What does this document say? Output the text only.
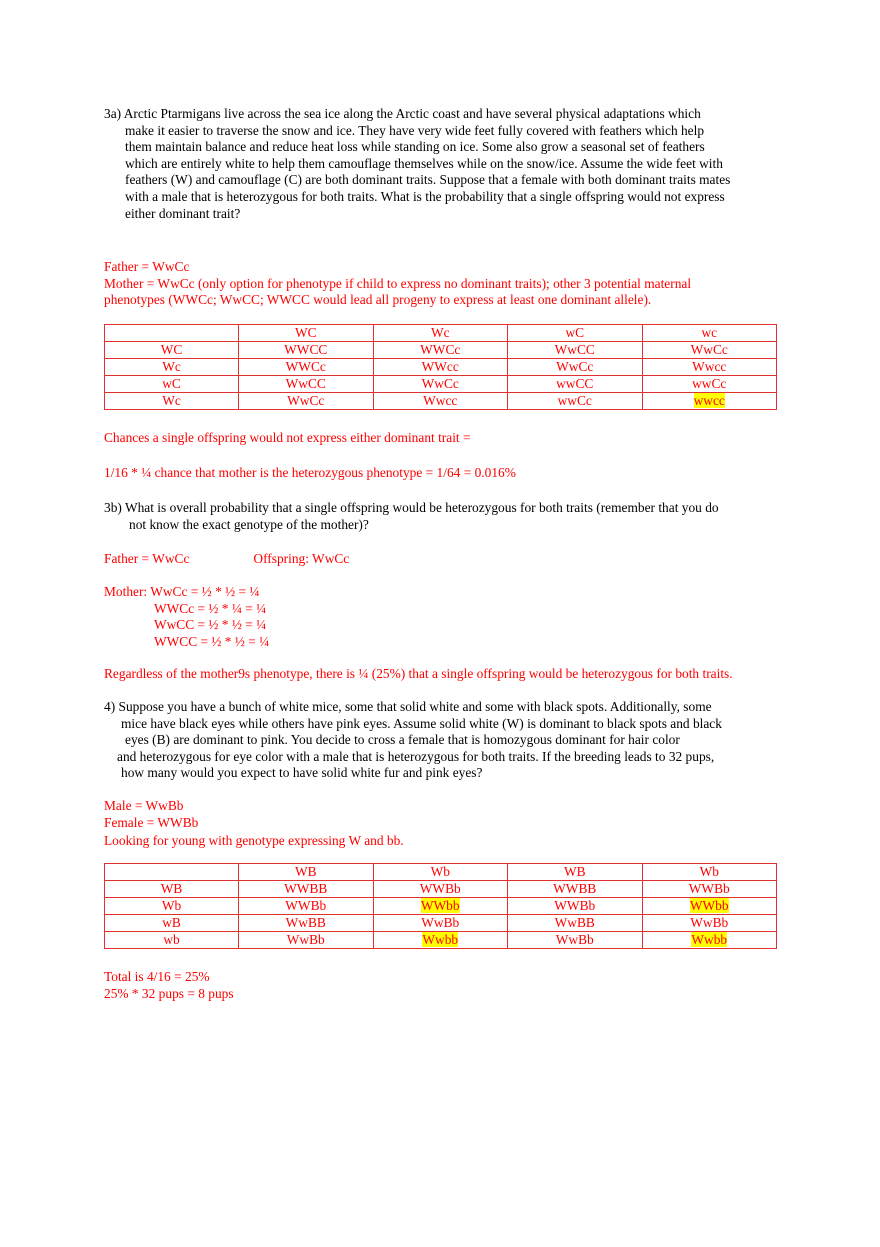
3a) Arctic Ptarmigans live across the sea ice along the Arctic coast and have several physical adaptations which
make it easier to traverse the snow and ice. They have very wide feet fully covered with feathers which help
them maintain balance and reduce heat loss while standing on ice. Some also grow a seasonal set of feathers
which are entirely white to help them camouflage themselves while on the snow/ice. Assume the wide feet with
feathers (W) and camouflage (C) are both dominant traits. Suppose that a female with both dominant traits mates
with a male that is heterozygous for both traits. What is the probability that a single offspring would not express
either dominant trait?
Father = WwCc
Mother = WwCc (only option for phenotype if child to express no dominant traits); other 3 potential maternal
phenotypes (WWCc; WwCC; WWCC would lead all progeny to express at least one dominant allele).
	WC	Wc	wC	wc
WC	WWCC	WWCc	WwCC	WwCc
Wc	WWCc	WWcc	WwCc	Wwcc
wC	WwCC	WwCc	wwCC	wwCc
Wc	WwCc	Wwcc	wwCc	wwcc
Chances a single offspring would not express either dominant trait =
1/16 * ¼ chance that mother is the heterozygous phenotype = 1/64 = 0.016%
3b) What is overall probability that a single offspring would be heterozygous for both traits (remember that you do
not know the exact genotype of the mother)?
Father = WwCc	Offspring: WwCc
Mother: WwCc = ½ * ½ = ¼
WWCc = ½ * ¼ = ¼
WwCC = ½ * ½ = ¼
WWCC = ½ * ½ = ¼
Regardless of the mother9s phenotype, there is ¼ (25%) that a single offspring would be heterozygous for both traits.
4) Suppose you have a bunch of white mice, some that solid white and some with black spots. Additionally, some
mice have black eyes while others have pink eyes. Assume solid white (W) is dominant to black spots and black
eyes (B) are dominant to pink. You decide to cross a female that is homozygous dominant for hair color
and heterozygous for eye color with a male that is heterozygous for both traits. If the breeding leads to 32 pups,
how many would you expect to have solid white fur and pink eyes?
Male = WwBb
Female = WWBb
Looking for young with genotype expressing W and bb.
	WB	Wb	WB	Wb
WB	WWBB	WWBb	WWBB	WWBb
Wb	WWBb	WWbb	WWBb	WWbb
wB	WwBB	WwBb	WwBB	WwBb
wb	WwBb	Wwbb	WwBb	Wwbb
Total is 4/16 = 25%
25% * 32 pups = 8 pups
